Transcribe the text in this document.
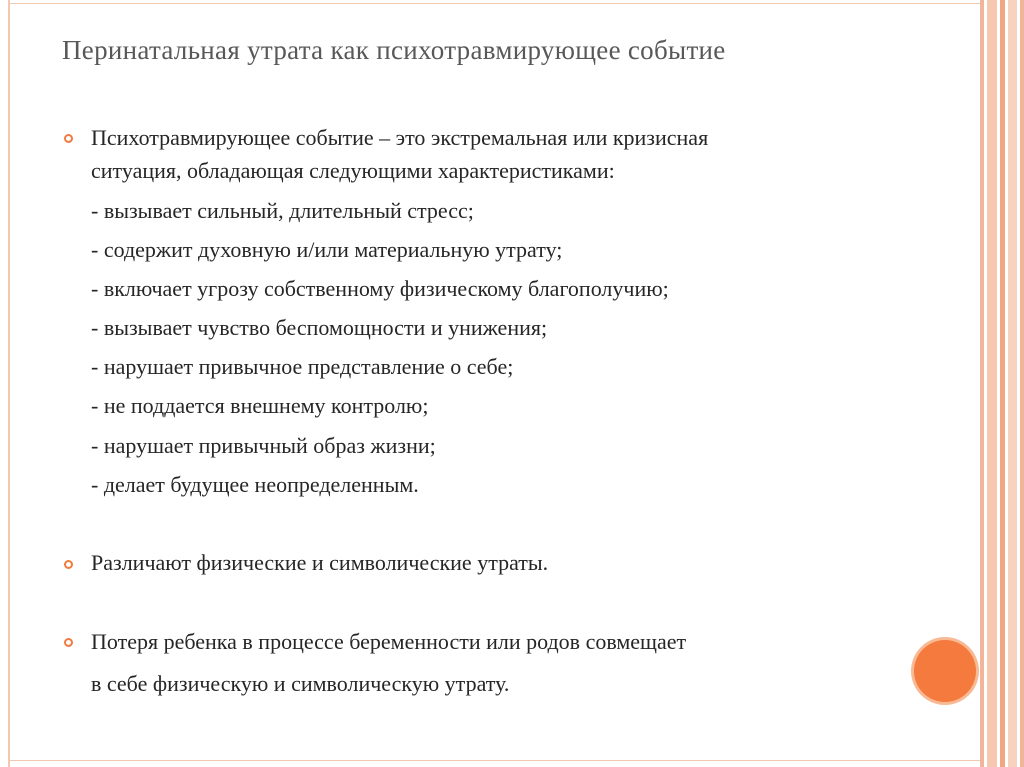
Перинатальная утрата как психотравмирующее событие
Психотравмирующее событие – это экстремальная или кризисная
ситуация, обладающая следующими характеристиками:
- вызывает сильный, длительный стресс;
- содержит духовную и/или материальную утрату;
- включает угрозу собственному физическому благополучию;
- вызывает чувство беспомощности и унижения;
- нарушает привычное представление о себе;
- не поддается внешнему контролю;
- нарушает привычный образ жизни;
- делает будущее неопределенным.
Различают физические и символические утраты.
Потеря ребенка в процессе беременности или родов совмещает
в себе физическую и символическую утрату.
